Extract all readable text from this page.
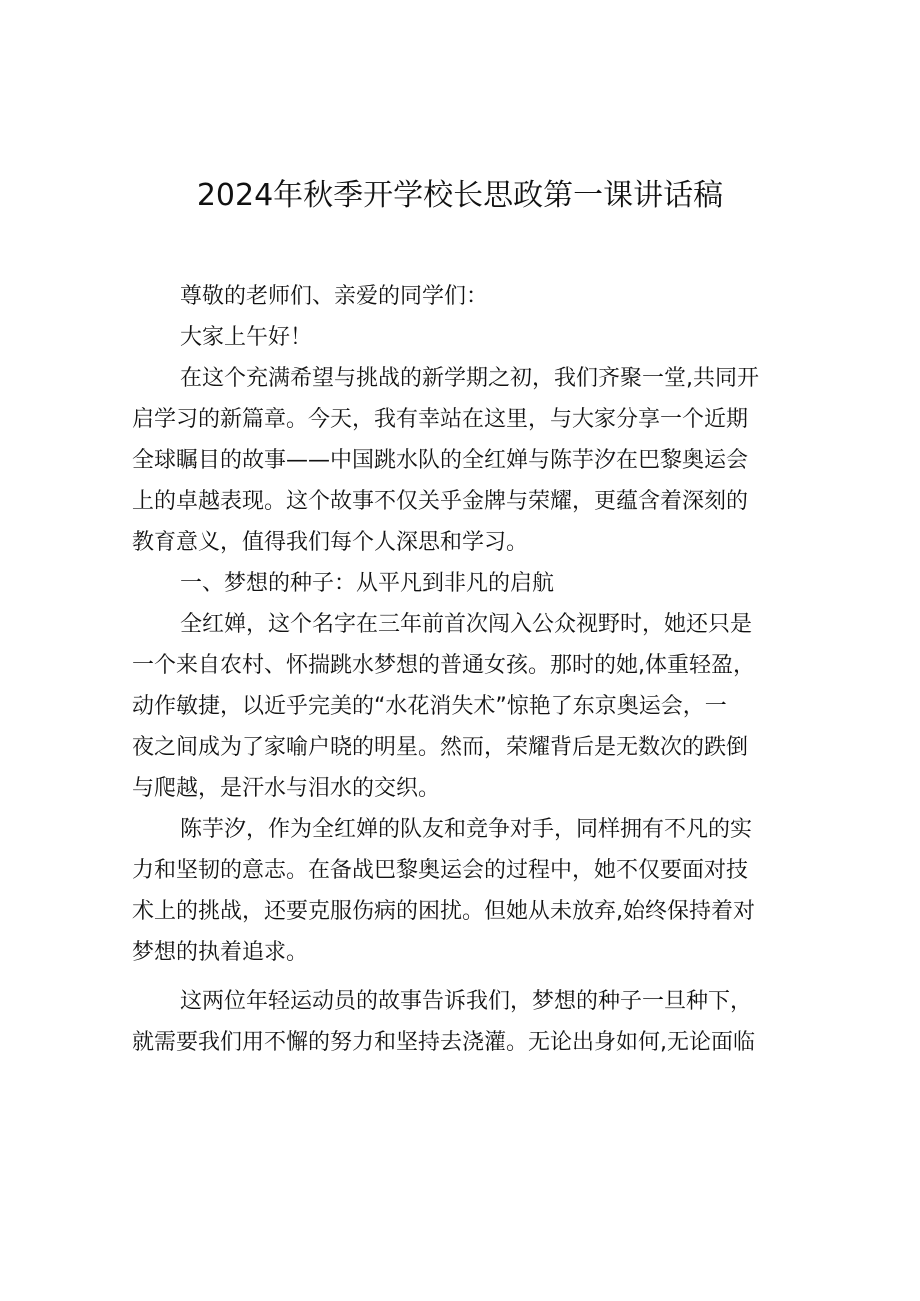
2024年秋季开学校长思政第一课讲话稿
尊敬的老师们、亲爱的同学们：
大家上午好！
在这个充满希望与挑战的新学期之初，我们齐聚一堂,共同开
启学习的新篇章。今天，我有幸站在这里，与大家分享一个近期
全球瞩目的故事——中国跳水队的全红婵与陈芋汐在巴黎奥运会
上的卓越表现。这个故事不仅关乎金牌与荣耀，更蕴含着深刻的
教育意义，值得我们每个人深思和学习。
一、梦想的种子：从平凡到非凡的启航
全红婵，这个名字在三年前首次闯入公众视野时，她还只是
一个来自农村、怀揣跳水梦想的普通女孩。那时的她,体重轻盈，
动作敏捷，以近乎完美的“水花消失术”惊艳了东京奥运会，一
夜之间成为了家喻户晓的明星。然而，荣耀背后是无数次的跌倒
与爬越，是汗水与泪水的交织。
陈芋汐，作为全红婵的队友和竞争对手，同样拥有不凡的实
力和坚韧的意志。在备战巴黎奥运会的过程中，她不仅要面对技
术上的挑战，还要克服伤病的困扰。但她从未放弃,始终保持着对
梦想的执着追求。
这两位年轻运动员的故事告诉我们，梦想的种子一旦种下，
就需要我们用不懈的努力和坚持去浇灌。无论出身如何,无论面临
